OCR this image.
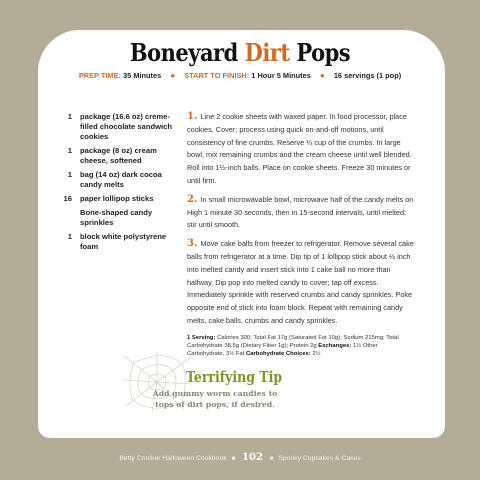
Boneyard Dirt Pops
PREP TIME: 35 Minutes ● START TO FINISH: 1 Hour 5 Minutes ● 16 servings (1 pop)
1 package (16.6 oz) creme-filled chocolate sandwich cookies
1 package (8 oz) cream cheese, softened
1 bag (14 oz) dark cocoa candy melts
16 paper lollipop sticks
Bone-shaped candy sprinkles
1 block white polystyrene foam

1. Line 2 cookie sheets with waxed paper. In food processor, place cookies. Cover; process using quick on-and-off motions, until consistency of fine crumbs. Reserve ¼ cup of the crumbs. In large bowl, mix remaining crumbs and the cream cheese until well blended. Roll into 1½-inch balls. Place on cookie sheets. Freeze 30 minutes or until firm.

2. In small microwavable bowl, microwave half of the candy melts on High 1 minute 30 seconds, then in 15-second intervals, until melted; stir until smooth.

3. Move cake balls from freezer to refrigerator. Remove several cake balls from refrigerator at a time. Dip tip of 1 lollipop stick about ½ inch into melted candy and insert stick into 1 cake ball no more than halfway. Dip pop into melted candy to cover; tap off excess. Immediately sprinkle with reserved crumbs and candy sprinkles. Poke opposite end of stick into foam block. Repeat with remaining candy melts, cake balls, crumbs and candy sprinkles.

1 Serving: Calories 300; Total Fat 17g (Saturated Fat 10g); Sodium 215mg; Total Carbohydrate 38.5g (Dietary Fiber 1g); Protein 2g Exchanges: 1½ Other Carbohydrate, 3½ Fat Carbohydrate Choices: 2½

Terrifying Tip
Add gummy worm candies to tops of dirt pops, if desired.
Betty Crocker Halloween Cookbook ■ 102 ■ Spooky Cupcakes & Cakes
